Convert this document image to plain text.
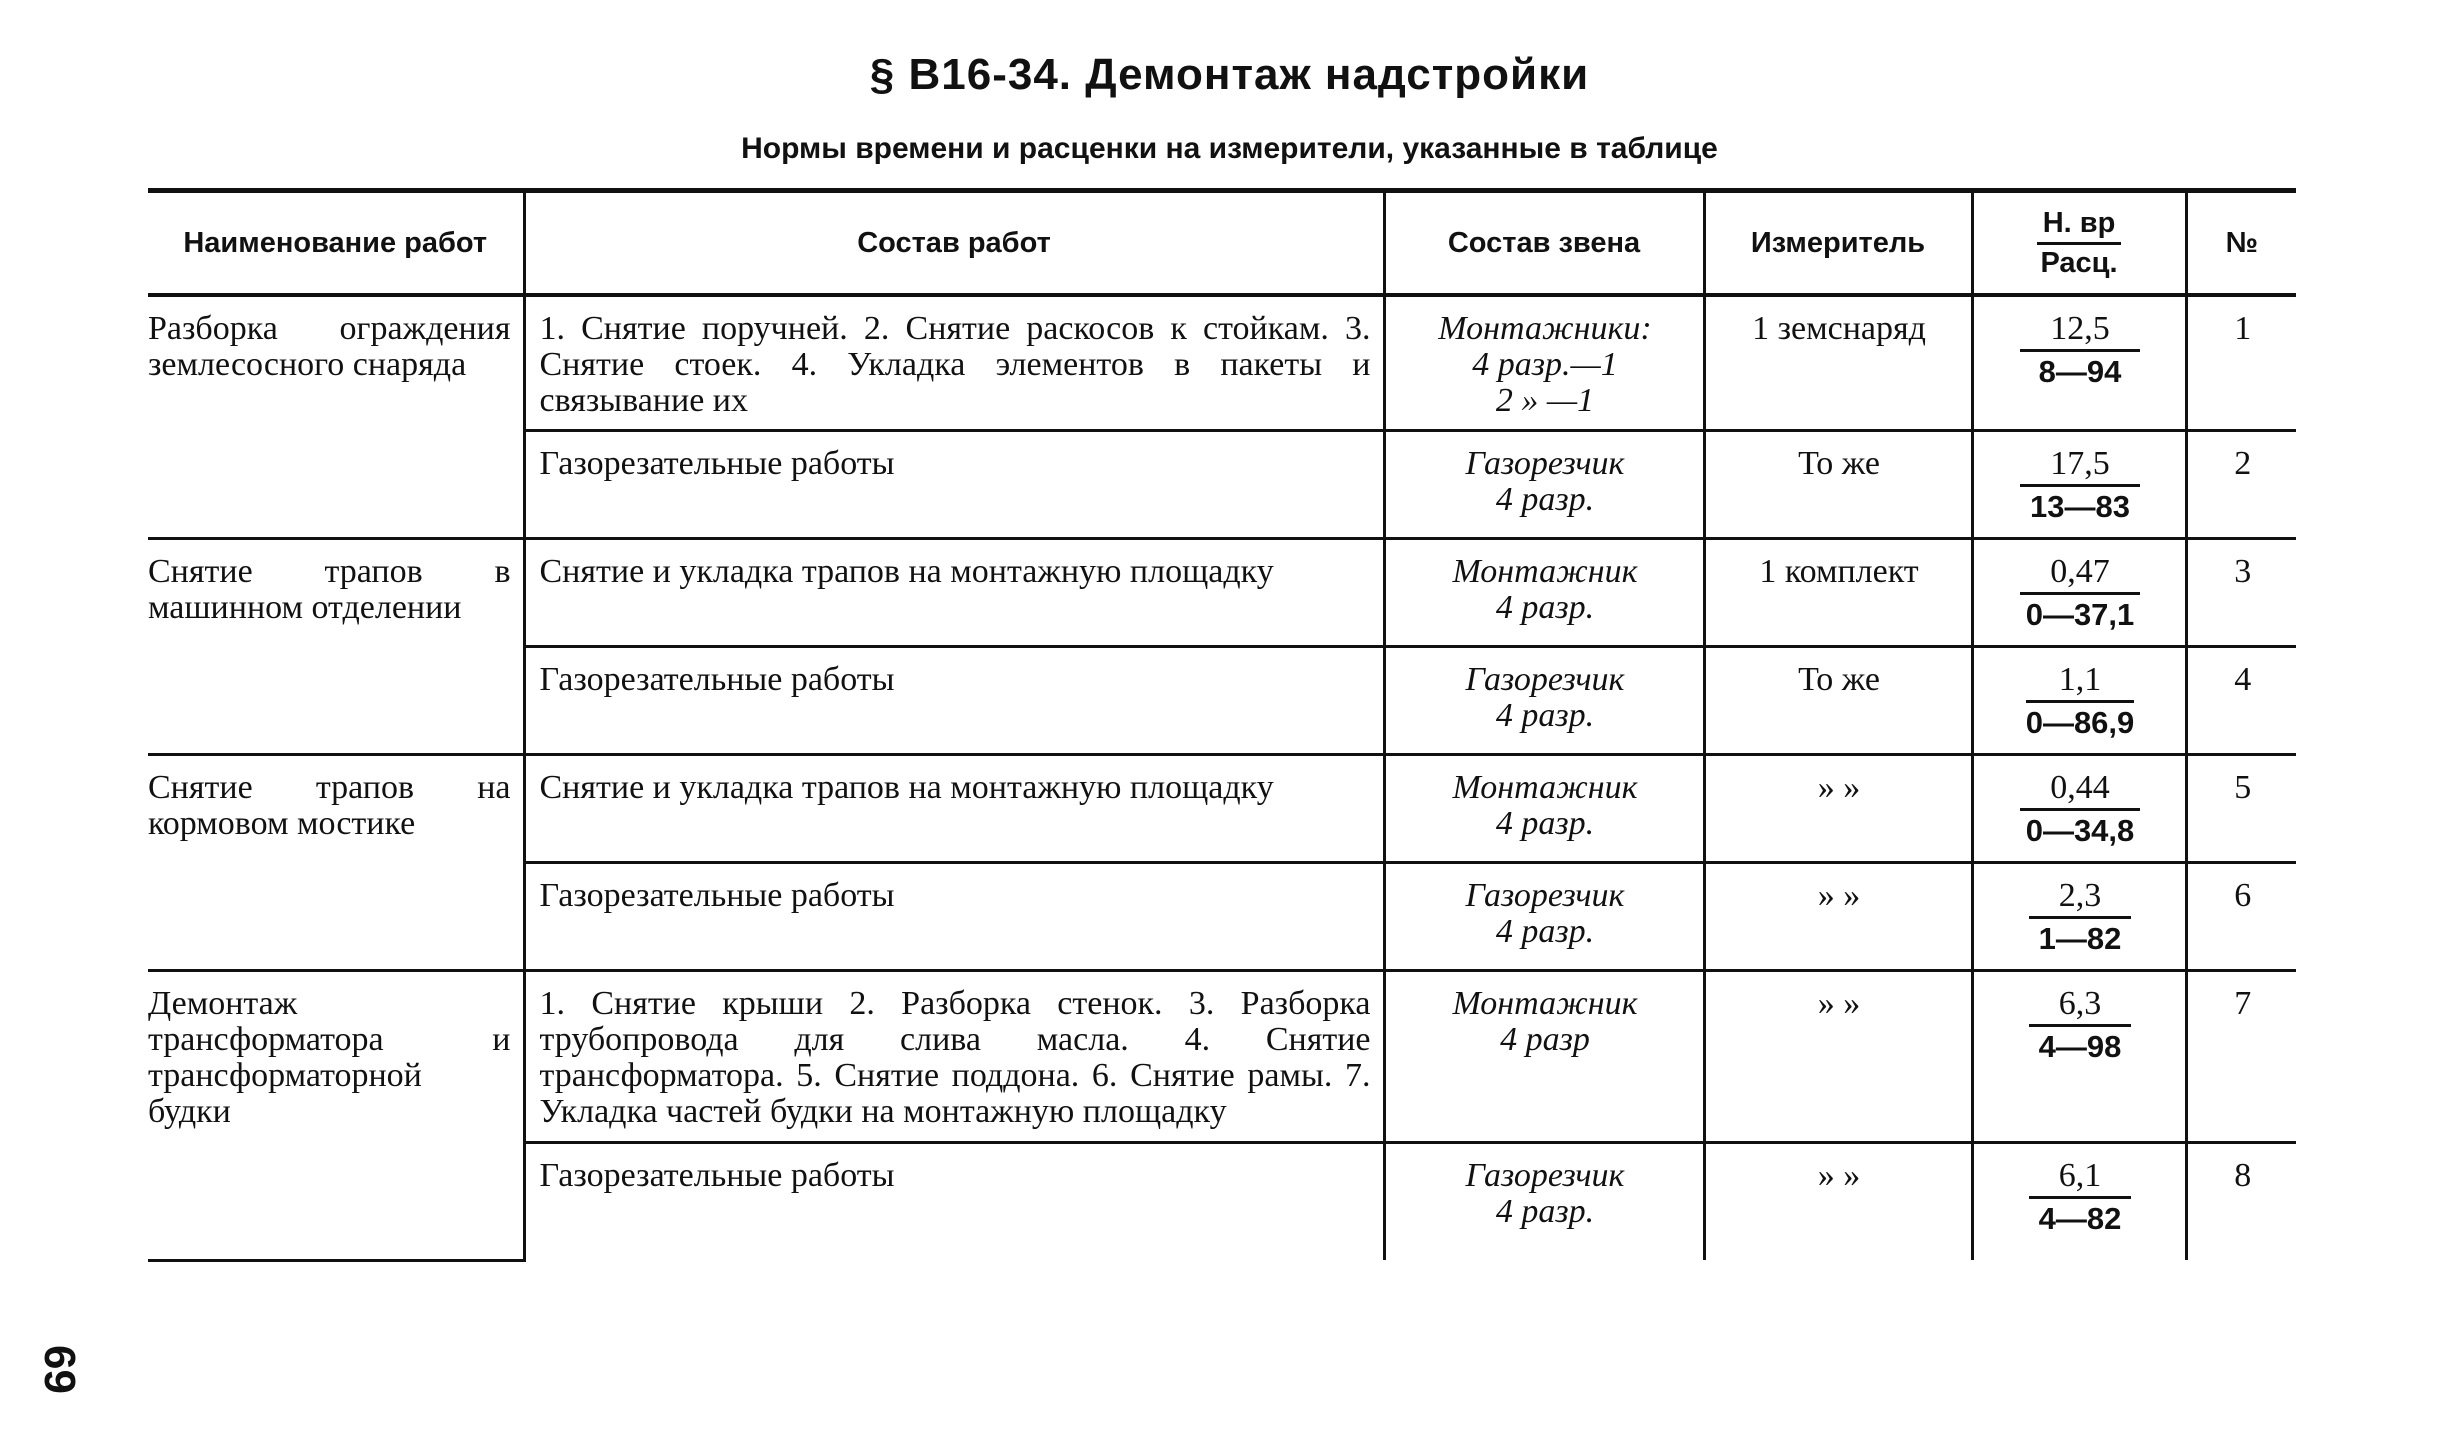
§ В16-34. Демонтаж надстройки
Нормы времени и расценки на измерители, указанные в таблице
Наименование работ	Состав работ	Состав звена	Измеритель	$\frac{Н. вр}{\text{Расц.}}$	№
Разборка ограждения землесосного снаряда	1. Снятие поручней. 2. Снятие раскосов к стойкам. 3. Снятие стоек. 4. Укладка элементов в пакеты и связывание их	Монтажники:
4 разр.—1
2 » —1	1 земснаряд	$\frac{12,5}{8—94}$	1
	Газорезательные работы	Газорезчик
4 разр.	То же	$\frac{17,5}{13—83}$	2
Снятие трапов в машинном отделении	Снятие и укладка трапов на монтажную площадку	Монтажник
4 разр.	1 комплект	$\frac{0,47}{0—37,1}$	3
	Газорезательные работы	Газорезчик
4 разр.	То же	$\frac{1,1}{0—86,9}$	4
Снятие трапов на кормовом мостике	Снятие и укладка трапов на монтажную площадку	Монтажник
4 разр.	» »	$\frac{0,44}{0—34,8}$	5
	Газорезательные работы	Газорезчик
4 разр.	» »	$\frac{2,3}{1—82}$	6
Демонтаж трансформатора и трансформаторной будки	1. Снятие крыши 2. Разборка стенок. 3. Разборка трубопровода для слива масла. 4. Снятие трансформатора. 5. Снятие поддона. 6. Снятие рамы. 7. Укладка частей будки на монтажную площадку	Монтажник
4 разр	» »	$\frac{6,3}{4—98}$	7
	Газорезательные работы	Газорезчик
4 разр.	» »	$\frac{6,1}{4—82}$	8
69
